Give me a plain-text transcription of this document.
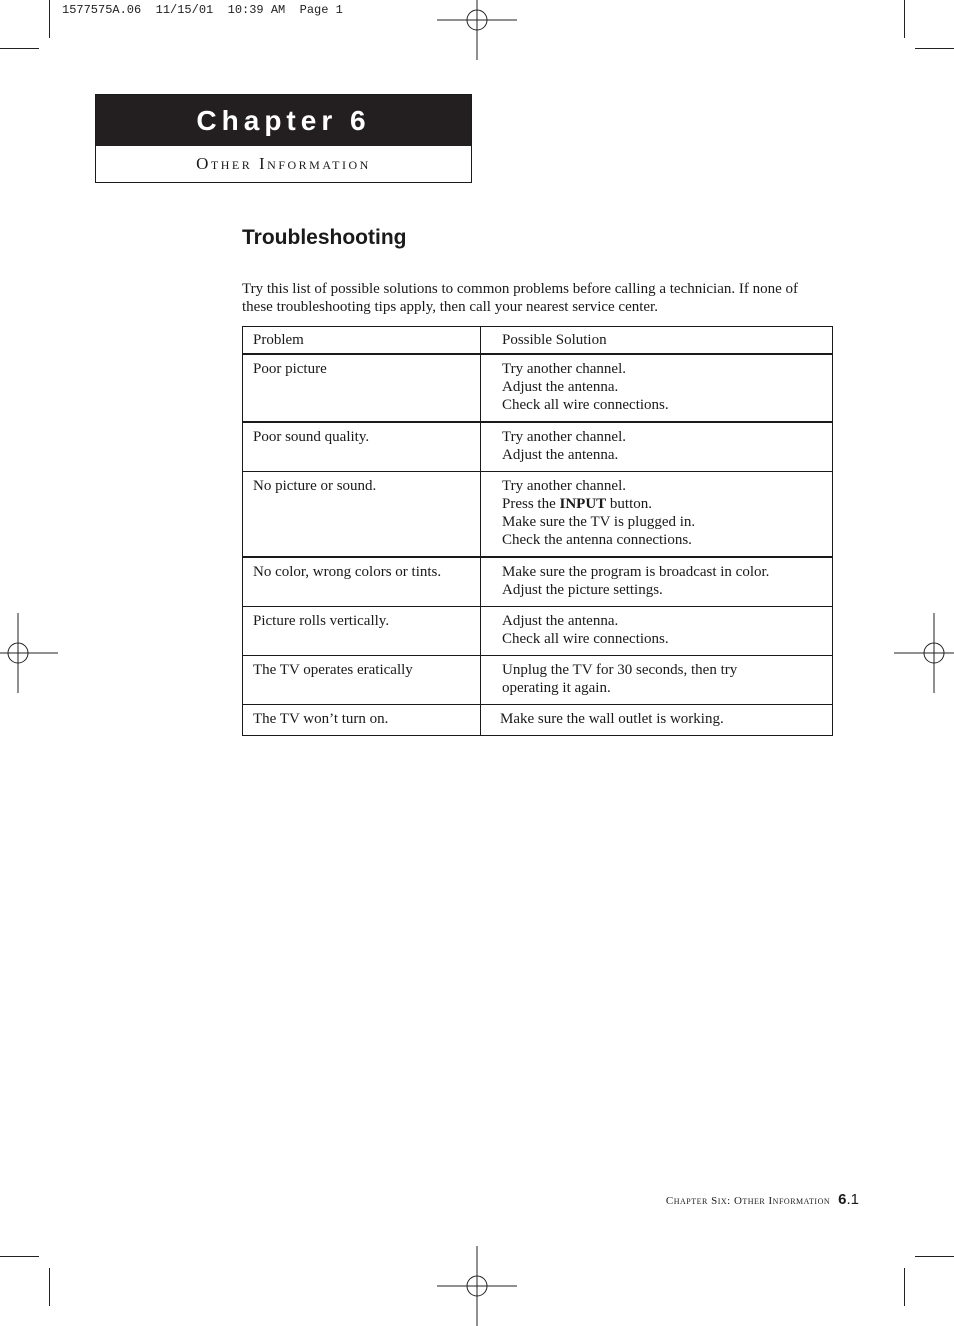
1577575A.06  11/15/01  10:39 AM  Page 1
Chapter 6
Other Information
Troubleshooting
Try this list of possible solutions to common problems before calling a technician. If none of these troubleshooting tips apply, then call your nearest service center.
Problem	Possible Solution
Poor picture	Try another channel.
Adjust the antenna.
Check all wire connections.

Poor sound quality.	Try another channel.
Adjust the antenna.

No picture or sound.	Try another channel.
Press the INPUT button.
Make sure the TV is plugged in.
Check the antenna connections.

No color, wrong colors or tints.	Make sure the program is broadcast in color.
Adjust the picture settings.

Picture rolls vertically.	Adjust the antenna.
Check all wire connections.

The TV operates eratically	Unplug the TV for 30 seconds, then try
operating it again.

The TV won’t turn on.	Make sure the wall outlet is working.
Chapter Six: Other Information 6.1
